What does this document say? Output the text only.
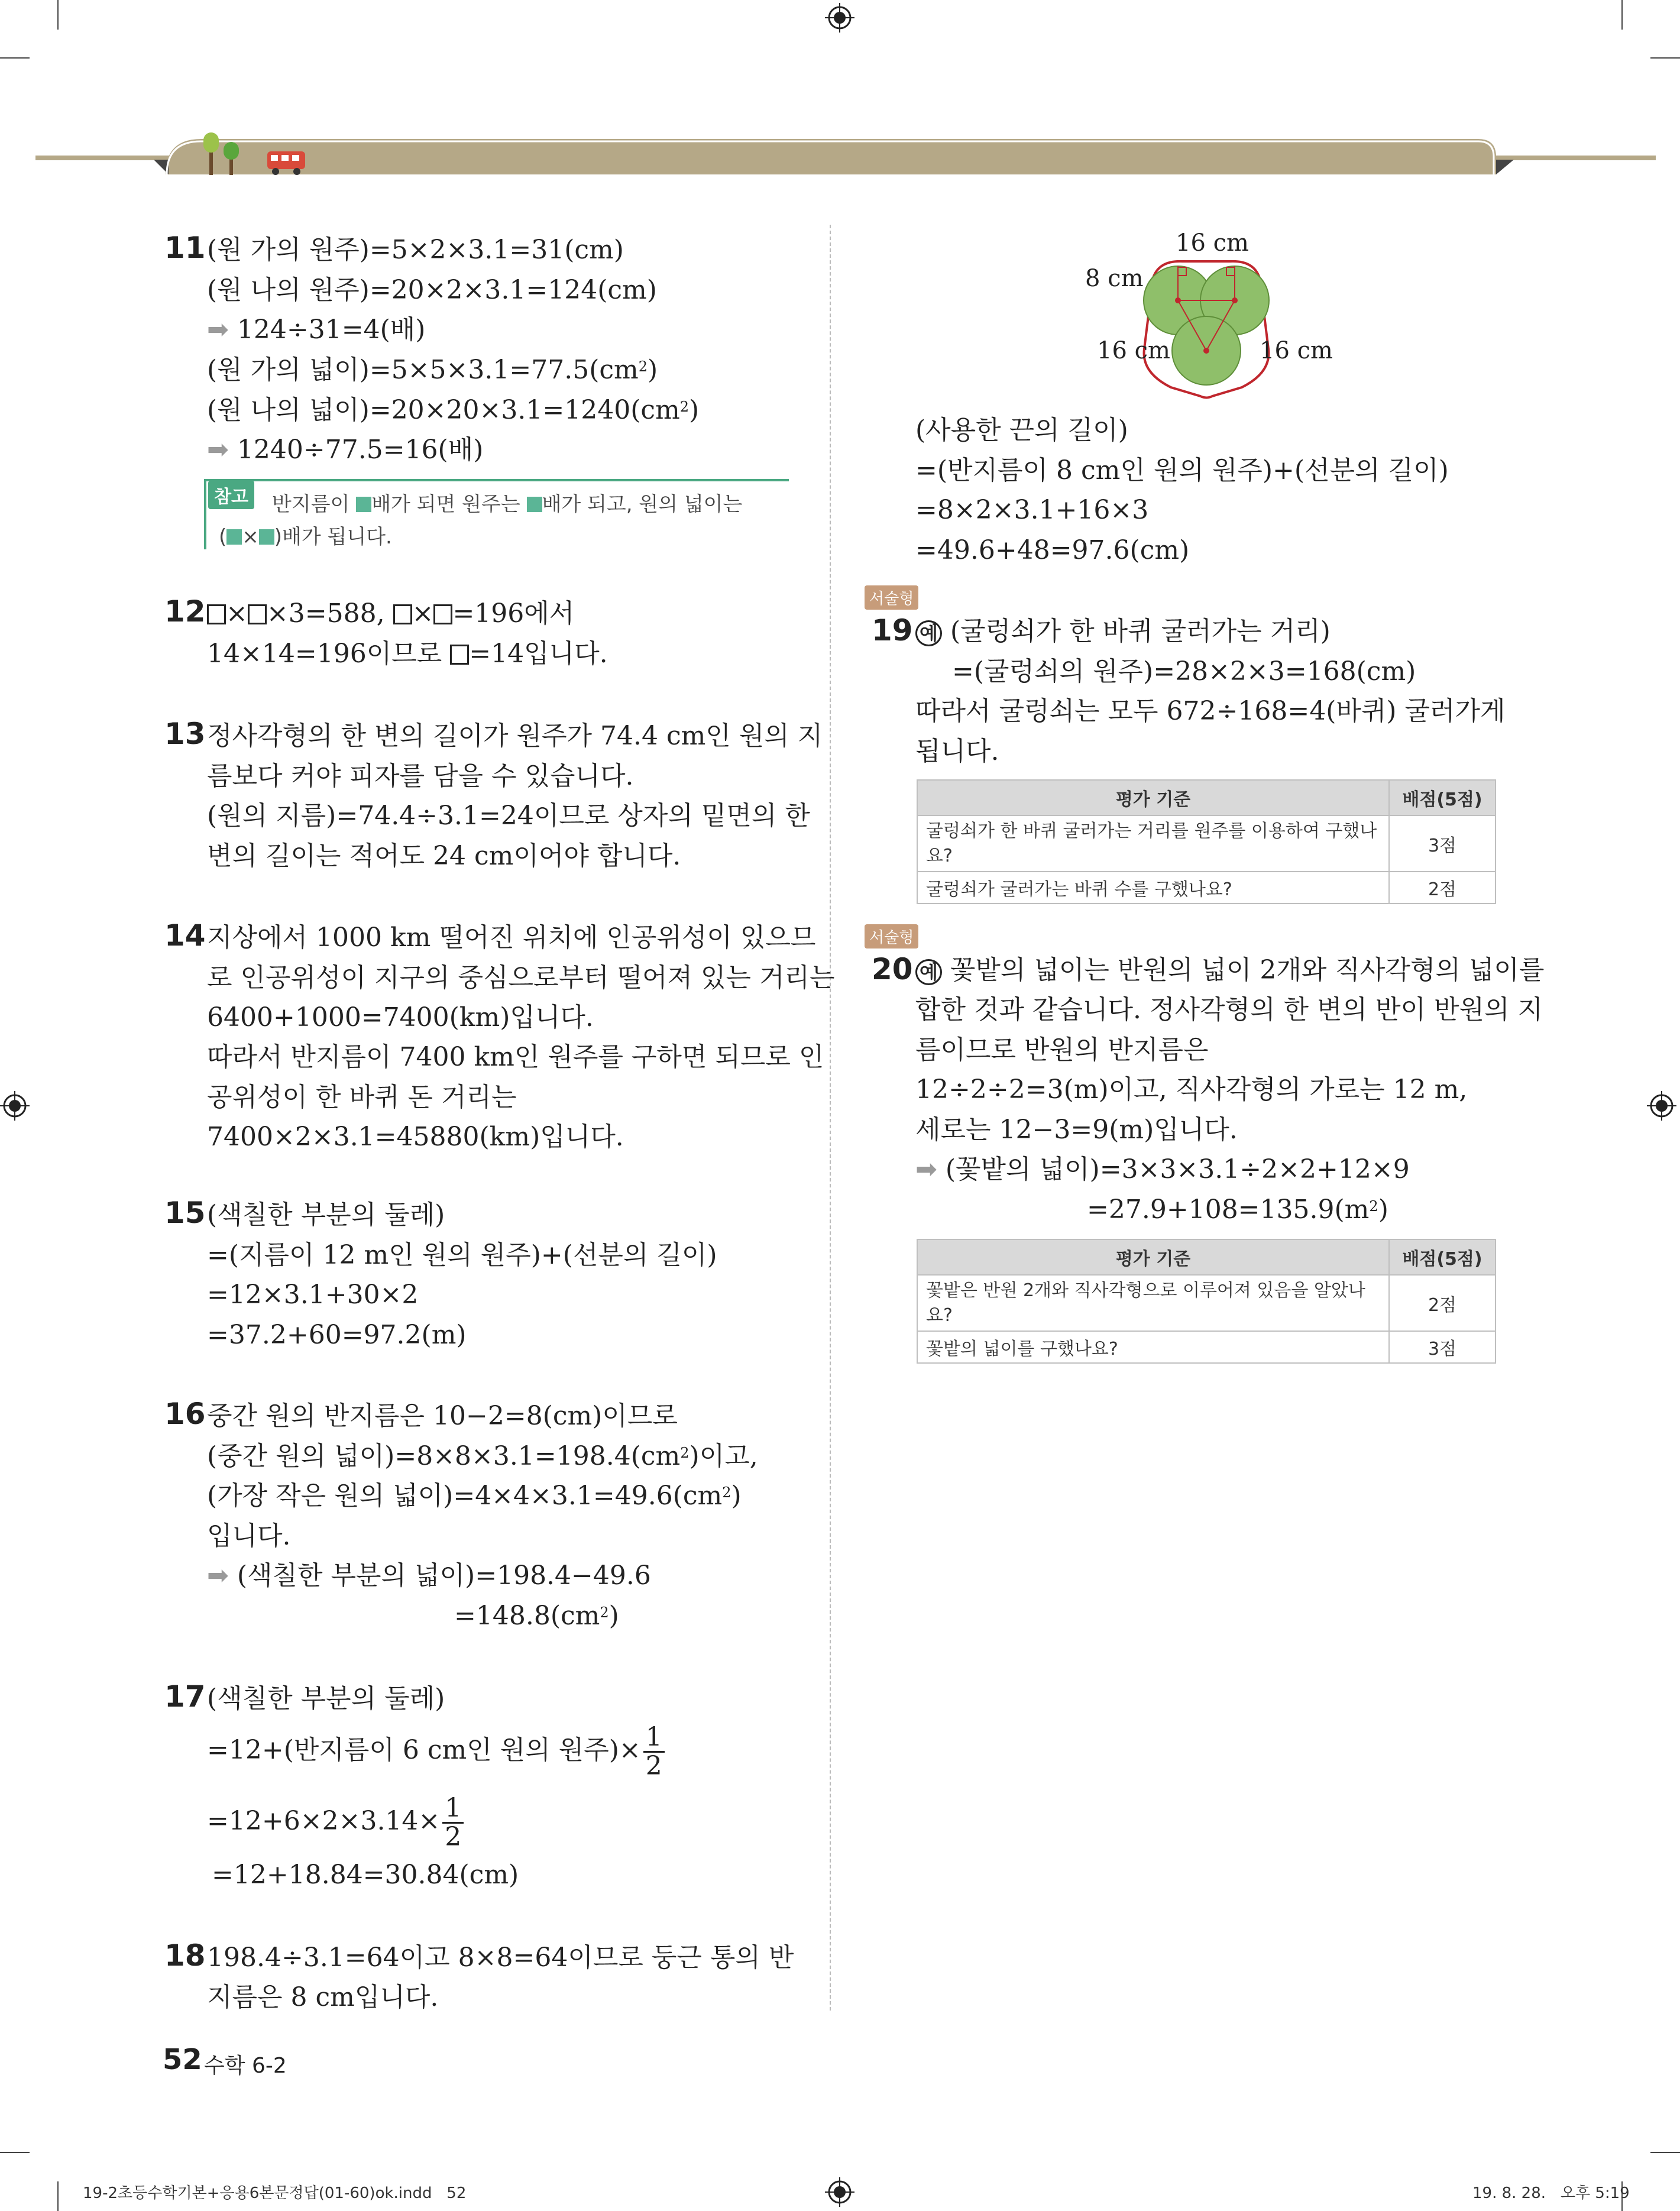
11 (원 가의 원주)=5×2×3.1=31(cm)
(원 나의 원주)=20×2×3.1=124(cm)
➡ 124÷31=4(배)
(원 가의 넓이)$=5\times 5\times 3.1=77.5(cm^2)$
(원 나의 넓이)$=20\times 20\times 3.1=1240(cm^2)$
➡ 1240÷77.5=16(배)
참고 반지름이 배가 되면 원주는 배가 되고, 원의 넓이는
( × )배가 됩니다.
12 × ×3=588, × =196에서
14×14=196이므로 =14입니다.
13 정사각형의 한 변의 길이가 원주가 74.4 cm인 원의 지
름보다 커야 피자를 담을 수 있습니다.
(원의 지름)=74.4÷3.1=24이므로 상자의 밑면의 한
변의 길이는 적어도 24 cm이어야 합니다.
14 지상에서 1000 km 떨어진 위치에 인공위성이 있으므
로 인공위성이 지구의 중심으로부터 떨어져 있는 거리는
6400+1000=7400(km)입니다.
따라서 반지름이 7400 km인 원주를 구하면 되므로 인
공위성이 한 바퀴 돈 거리는
7400×2×3.1=45880(km)입니다.
15 (색칠한 부분의 둘레)
=(지름이 12 m인 원의 원주)+(선분의 길이)
=12×3.1+30×2
=37.2+60=97.2(m)
16 중간 원의 반지름은 10−2=8(cm)이므로
(중간 원의 넓이)$=8\times 8\times 3.1=198.4(cm^2)$이고,
(가장 작은 원의 넓이)$=4\times 4\times 3.1=49.6(cm^2)$
입니다.
➡ (색칠한 부분의 넓이)=198.4−49.6
$=148.8(cm^2)$
17 (색칠한 부분의 둘레)
=12+(반지름이 6 cm인 원의 원주)× $\frac{1}{2}$
$=12+6\times 2\times 3.14\times \frac{1}{2}$
=12+18.84=30.84(cm)
18 198.4÷3.1=64이고 8×8=64이므로 둥근 통의 반
지름은 8 cm입니다.
16 cm
8 cm
16 cm	16 cm
(사용한 끈의 길이)
=(반지름이 8 cm인 원의 원주)+(선분의 길이)
=8×2×3.1+16×3
=49.6+48=97.6(cm)
서술형
19 예 (굴렁쇠가 한 바퀴 굴러가는 거리)
=(굴렁쇠의 원주)=28×2×3=168(cm)
따라서 굴렁쇠는 모두 672÷168=4(바퀴) 굴러가게
됩니다.
평가 기준	배점(5점)
굴렁쇠가 한 바퀴 굴러가는 거리를 원주를 이용하여 구했나요?	3점
굴렁쇠가 굴러가는 바퀴 수를 구했나요?	2점
서술형
20 예 꽃밭의 넓이는 반원의 넓이 2개와 직사각형의 넓이를
합한 것과 같습니다. 정사각형의 한 변의 반이 반원의 지
름이므로 반원의 반지름은
12÷2÷2=3(m)이고, 직사각형의 가로는 12 m,
세로는 12−3=9(m)입니다.
➡ (꽃밭의 넓이)=3×3×3.1÷2×2+12×9
$=27.9+108=135.9(m^2)$
평가 기준	배점(5점)
꽃밭은 반원 2개와 직사각형으로 이루어져 있음을 알았나요?	2점
꽃밭의 넓이를 구했나요?	3점
52 수학 6-2
19-2초등수학기본+응용6본문정답(01-60)ok.indd   52	19. 8. 28.   오후 5:19
